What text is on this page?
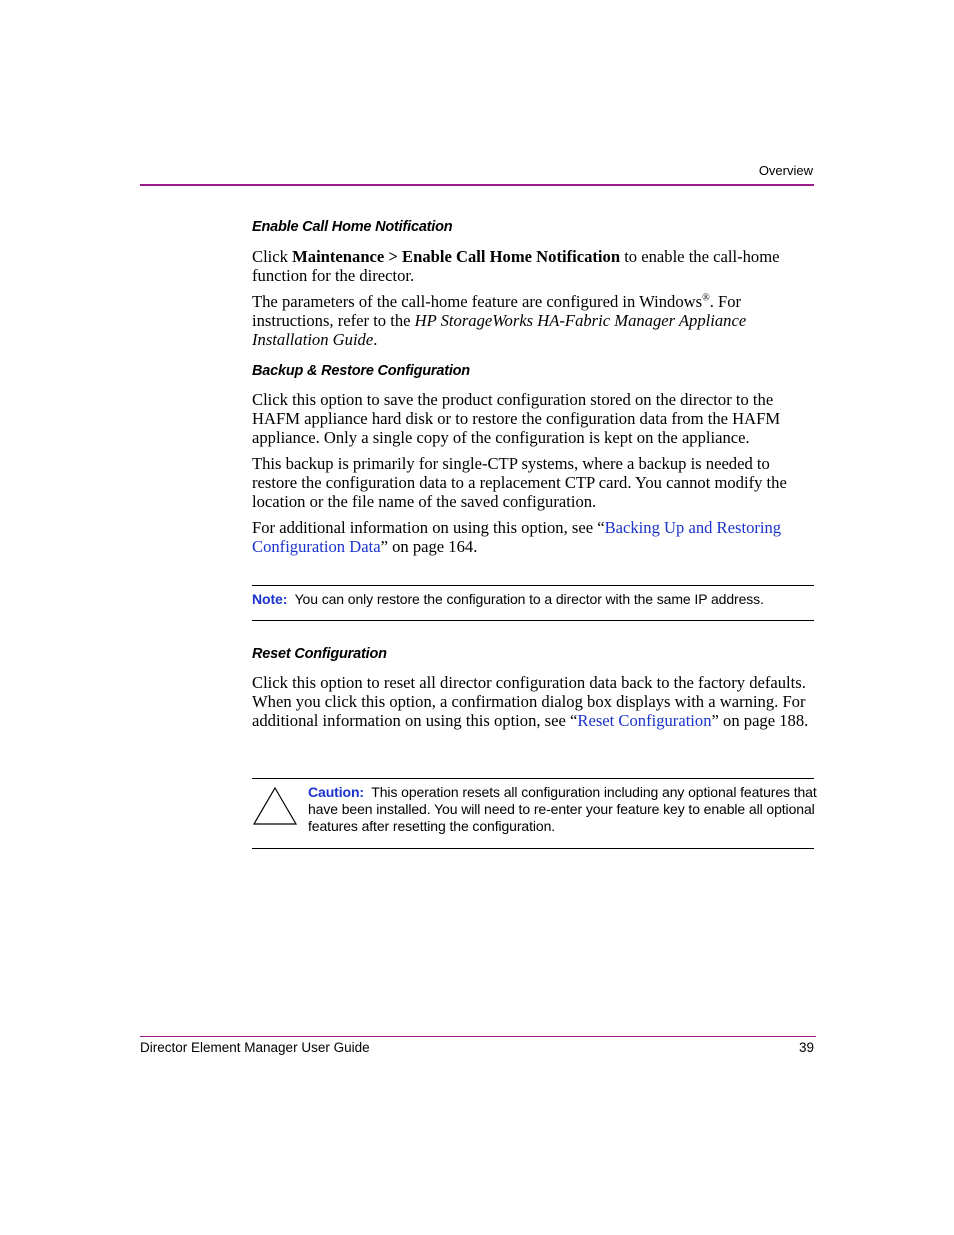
Overview
Enable Call Home Notification

Click Maintenance > Enable Call Home Notification to enable the call-home function for the director.

The parameters of the call-home feature are configured in Windows®. For instructions, refer to the HP StorageWorks HA-Fabric Manager Appliance Installation Guide.

Backup & Restore Configuration

Click this option to save the product configuration stored on the director to the HAFM appliance hard disk or to restore the configuration data from the HAFM appliance. Only a single copy of the configuration is kept on the appliance.

This backup is primarily for single-CTP systems, where a backup is needed to restore the configuration data to a replacement CTP card. You cannot modify the location or the file name of the saved configuration.

For additional information on using this option, see “Backing Up and Restoring Configuration Data” on page 164.

Note: You can only restore the configuration to a director with the same IP address.
Reset Configuration

Click this option to reset all director configuration data back to the factory defaults. When you click this option, a confirmation dialog box displays with a warning. For additional information on using this option, see “Reset Configuration” on page 188.

Caution: This operation resets all configuration including any optional features that have been installed. You will need to re-enter your feature key to enable all optional features after resetting the configuration.
Director Element Manager User Guide	39
